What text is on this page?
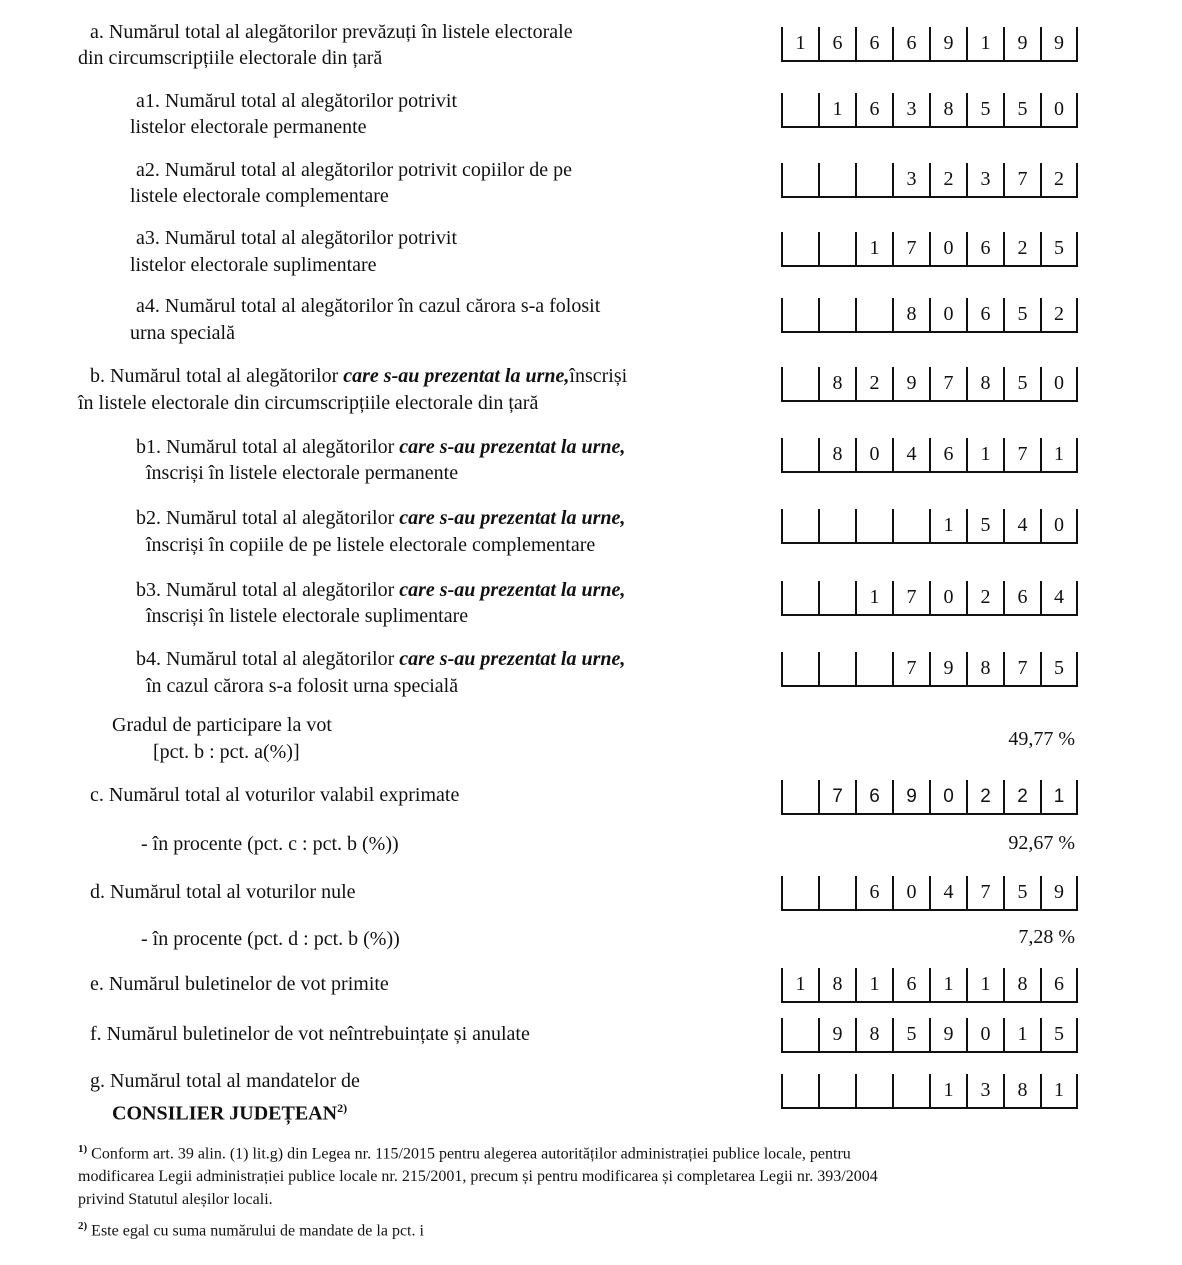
a. Numărul total al alegătorilor prevăzuți în listele electorale
din circumscripțiile electorale din țară
1	6	6	6	9	1	9	9
a1. Numărul total al alegătorilor potrivit
listelor electorale permanente
1	6	3	8	5	5	0
a2. Numărul total al alegătorilor potrivit copiilor de pe
listele electorale complementare
3	2	3	7	2
a3. Numărul total al alegătorilor potrivit
listelor electorale suplimentare
1	7	0	6	2	5
a4. Numărul total al alegătorilor în cazul cărora s-a folosit
urna specială
8	0	6	5	2
b. Numărul total al alegătorilor care s-au prezentat la urne,înscriși
în listele electorale din circumscripțiile electorale din țară
8	2	9	7	8	5	0
b1. Numărul total al alegătorilor care s-au prezentat la urne,
înscriși în listele electorale permanente
8	0	4	6	1	7	1
b2. Numărul total al alegătorilor care s-au prezentat la urne,
înscriși în copiile de pe listele electorale complementare
1	5	4	0
b3. Numărul total al alegătorilor care s-au prezentat la urne,
înscriși în listele electorale suplimentare
1	7	0	2	6	4
b4. Numărul total al alegătorilor care s-au prezentat la urne,
în cazul cărora s-a folosit urna specială
7	9	8	7	5
Gradul de participare la vot
[pct. b : pct. a(%)]
49,77 %
c. Numărul total al voturilor valabil exprimate	7	6	9	0	2	2	1
- în procente (pct. c : pct. b (%))	92,67 %
d. Numărul total al voturilor nule	6	0	4	7	5	9
- în procente (pct. d : pct. b (%))	7,28 %
e. Numărul buletinelor de vot primite	1	8	1	6	1	1	8	6
f. Numărul buletinelor de vot neîntrebuințate și anulate	9	8	5	9	0	1	5
g. Numărul total al mandatelor de
CONSILIER JUDEȚEAN$^{2)}$
1	3	8	1

$^{1)}$ Conform art. 39 alin. (1) lit.g) din Legea nr. 115/2015 pentru alegerea autorităților administrației publice locale, pentru

modificarea Legii administrației publice locale nr. 215/2001, precum și pentru modificarea și completarea Legii nr. 393/2004

privind Statutul aleșilor locali.

$^{2)}$ Este egal cu suma numărului de mandate de la pct. i
